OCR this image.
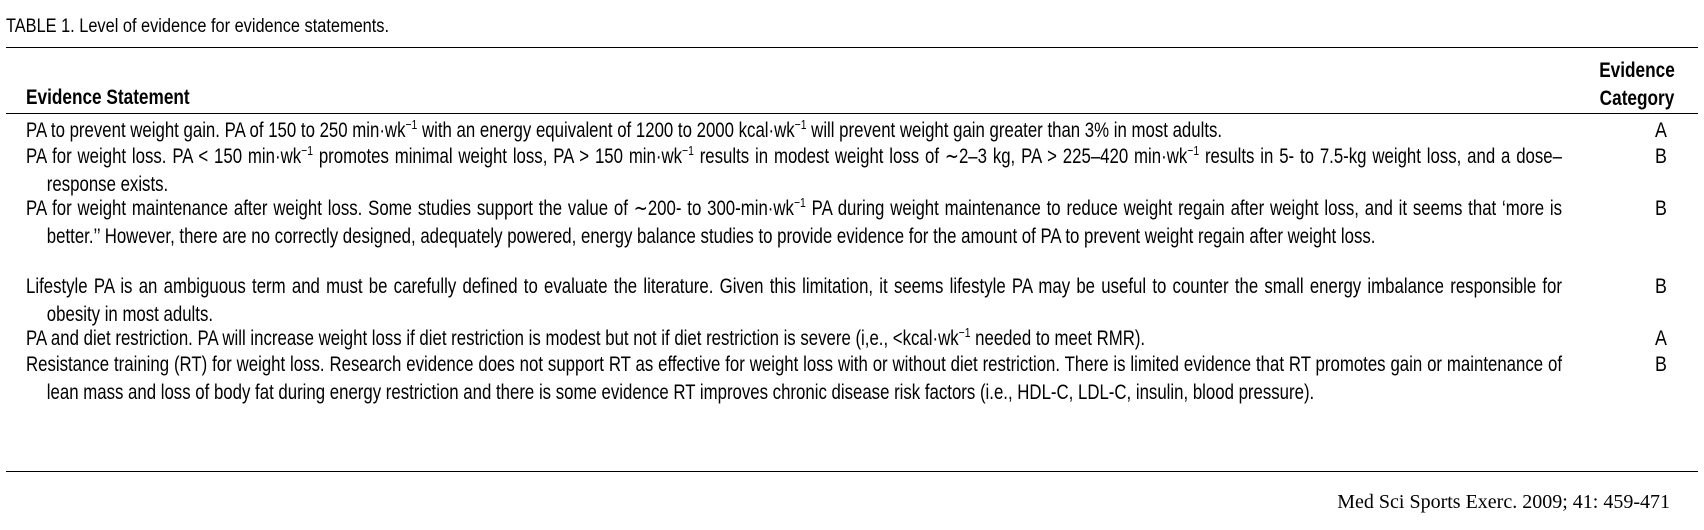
TABLE 1. Level of evidence for evidence statements.
Evidence Statement
Evidence Category
PA to prevent weight gain. PA of 150 to 250 $\min\cdot wk^{-1}$ with an energy equivalent of 1200 to 2000 $kcal\cdot wk^{-1}$ will prevent weight gain greater than 3% in most adults.	A
PA for weight loss. PA < 150 $\min\cdot wk^{-1}$ promotes minimal weight loss, PA > 150 $\min\cdot wk^{-1}$ results in modest weight loss of ∼2–3 kg, PA > 225–420 $\min\cdot wk^{-1}$ results in 5- to 7.5-kg weight loss, and a dose–response exists.
B
PA for weight maintenance after weight loss. Some studies support the value of ∼200- to $300-\min\cdot wk^{-1}$ PA during weight maintenance to reduce weight regain after weight loss, and it seems that ‘more is better.’’ However, there are no correctly designed, adequately powered, energy balance studies to provide evidence for the amount of PA to prevent weight regain after weight loss.
B
Lifestyle PA is an ambiguous term and must be carefully defined to evaluate the literature. Given this limitation, it seems lifestyle PA may be useful to counter the small energy imbalance responsible for obesity in most adults.
B
PA and diet restriction. PA will increase weight loss if diet restriction is modest but not if diet restriction is severe (i,e., $<kcal\cdot wk^{-1}$ needed to meet RMR).	A
Resistance training (RT) for weight loss. Research evidence does not support RT as effective for weight loss with or without diet restriction. There is limited evidence that RT promotes gain or maintenance of lean mass and loss of body fat during energy restriction and there is some evidence RT improves chronic disease risk factors (i.e., HDL-C, LDL-C, insulin, blood pressure).
B
Med Sci Sports Exerc. 2009; 41: 459-471
